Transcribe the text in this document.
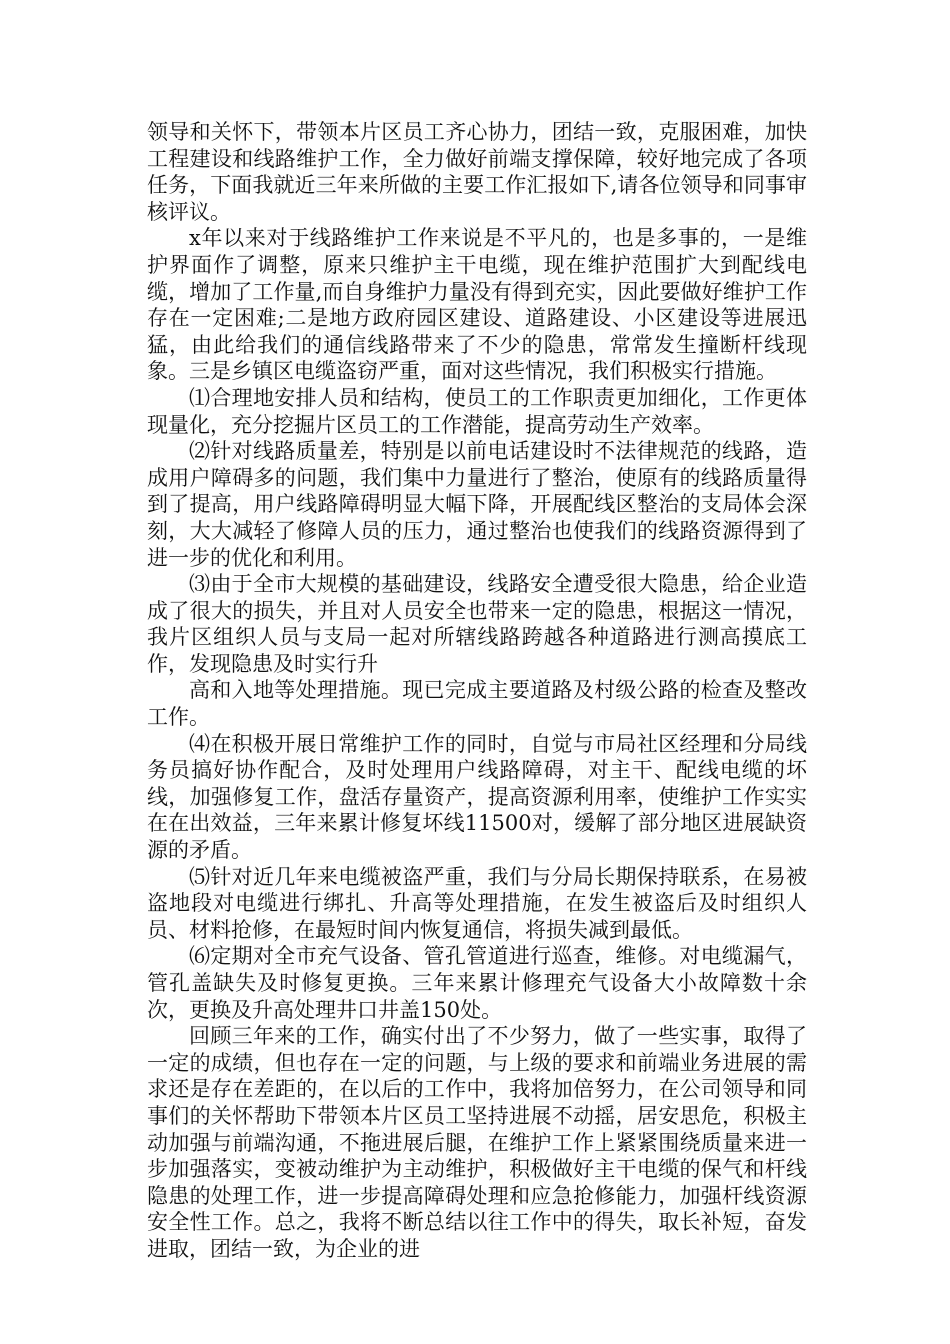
领导和关怀下，带领本片区员工齐心协力，团结一致，克服困难，加快工程建设和线路维护工作，全力做好前端支撑保障，较好地完成了各项任务，下面我就近三年来所做的主要工作汇报如下,请各位领导和同事审核评议。

x年以来对于线路维护工作来说是不平凡的，也是多事的，一是维护界面作了调整，原来只维护主干电缆，现在维护范围扩大到配线电缆，增加了工作量,而自身维护力量没有得到充实，因此要做好维护工作存在一定困难;二是地方政府园区建设、道路建设、小区建设等进展迅猛，由此给我们的通信线路带来了不少的隐患，常常发生撞断杆线现象。三是乡镇区电缆盗窃严重，面对这些情况，我们积极实行措施。

⑴合理地安排人员和结构，使员工的工作职责更加细化，工作更体现量化，充分挖掘片区员工的工作潜能，提高劳动生产效率。

⑵针对线路质量差，特别是以前电话建设时不法律规范的线路，造成用户障碍多的问题，我们集中力量进行了整治，使原有的线路质量得到了提高，用户线路障碍明显大幅下降，开展配线区整治的支局体会深刻，大大减轻了修障人员的压力，通过整治也使我们的线路资源得到了进一步的优化和利用。

⑶由于全市大规模的基础建设，线路安全遭受很大隐患，给企业造成了很大的损失，并且对人员安全也带来一定的隐患，根据这一情况，我片区组织人员与支局一起对所辖线路跨越各种道路进行测高摸底工作，发现隐患及时实行升

高和入地等处理措施。现已完成主要道路及村级公路的检查及整改工作。

⑷在积极开展日常维护工作的同时，自觉与市局社区经理和分局线务员搞好协作配合，及时处理用户线路障碍，对主干、配线电缆的坏线，加强修复工作，盘活存量资产，提高资源利用率，使维护工作实实在在出效益，三年来累计修复坏线11500对，缓解了部分地区进展缺资源的矛盾。

⑸针对近几年来电缆被盗严重，我们与分局长期保持联系，在易被盗地段对电缆进行绑扎、升高等处理措施，在发生被盗后及时组织人员、材料抢修，在最短时间内恢复通信，将损失减到最低。

⑹定期对全市充气设备、管孔管道进行巡查，维修。对电缆漏气，管孔盖缺失及时修复更换。三年来累计修理充气设备大小故障数十余次，更换及升高处理井口井盖150处。

回顾三年来的工作，确实付出了不少努力，做了一些实事，取得了一定的成绩，但也存在一定的问题，与上级的要求和前端业务进展的需求还是存在差距的，在以后的工作中，我将加倍努力，在公司领导和同事们的关怀帮助下带领本片区员工坚持进展不动摇，居安思危，积极主动加强与前端沟通，不拖进展后腿，在维护工作上紧紧围绕质量来进一步加强落实，变被动维护为主动维护，积极做好主干电缆的保气和杆线隐患的处理工作，进一步提高障碍处理和应急抢修能力，加强杆线资源安全性工作。总之，我将不断总结以往工作中的得失，取长补短，奋发进取，团结一致，为企业的进
